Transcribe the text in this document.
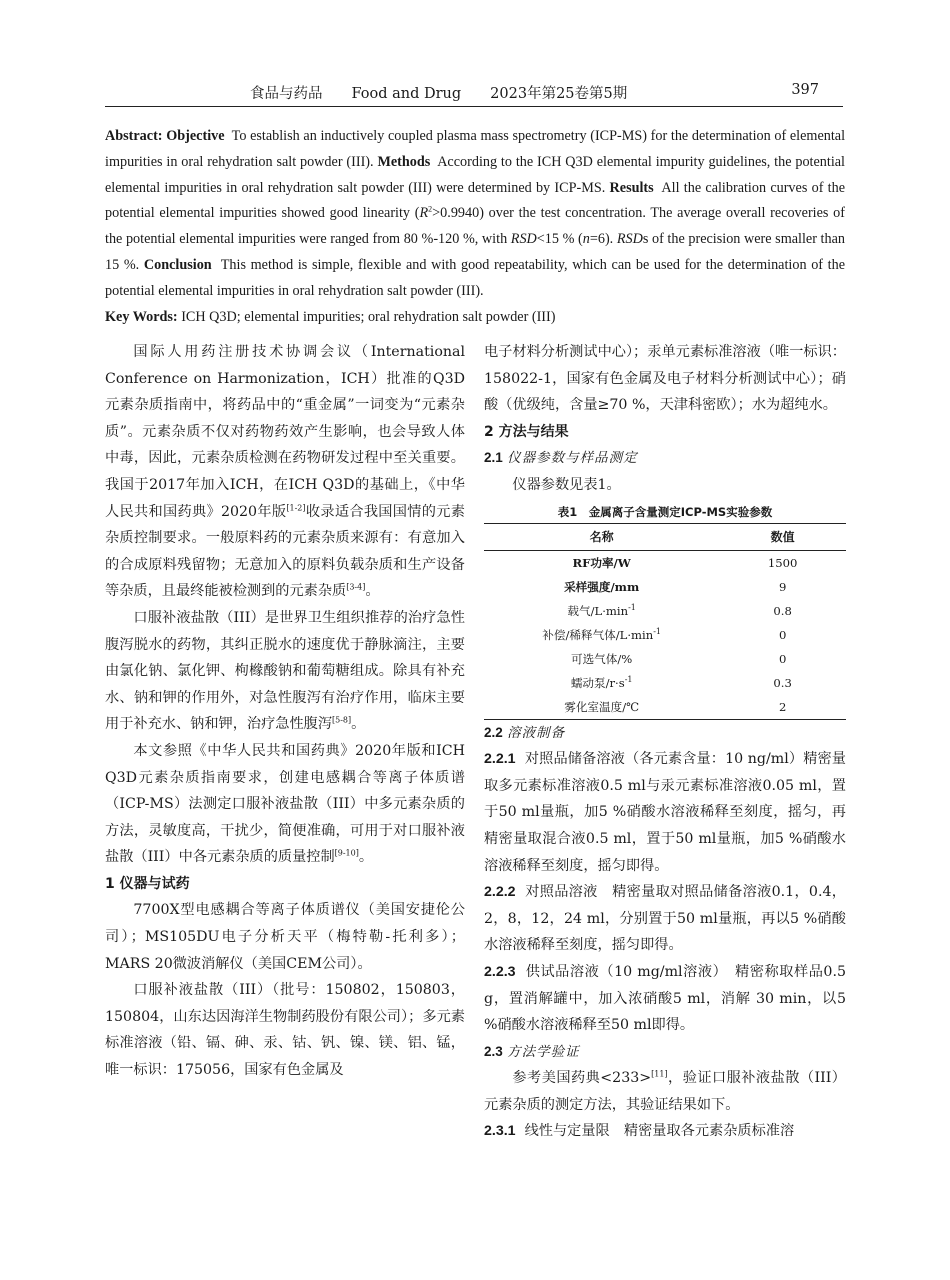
食品与药品　　Food and Drug　　2023年第25卷第5期	397
Abstract: Objective To establish an inductively coupled plasma mass spectrometry (ICP-MS) for the determination of elemental impurities in oral rehydration salt powder (III). Methods According to the ICH Q3D elemental impurity guidelines, the potential elemental impurities in oral rehydration salt powder (III) were determined by ICP-MS. Results All the calibration curves of the potential elemental impurities showed good linearity $(R^2>0.9940)$ over the test concentration. The average overall recoveries of the potential elemental impurities were ranged from 80 %-120 %, with RSD<15 % (n=6). RSDs of the precision were smaller than 15 %. Conclusion This method is simple, flexible and with good repeatability, which can be used for the determination of the potential elemental impurities in oral rehydration salt powder (III).
Key Words: ICH Q3D; elemental impurities; oral rehydration salt powder (III)

国际人用药注册技术协调会议（International Conference on Harmonization，ICH）批准的Q3D元素杂质指南中，将药品中的“重金属”一词变为“元素杂质”。元素杂质不仅对药物药效产生影响，也会导致人体中毒，因此，元素杂质检测在药物研发过程中至关重要。我国于2017年加入ICH，在ICH Q3D的基础上，《中华人民共和国药典》2020年版[1-2]收录适合我国国情的元素杂质控制要求。一般原料药的元素杂质来源有：有意加入的合成原料残留物；无意加入的原料负载杂质和生产设备等杂质，且最终能被检测到的元素杂质[3-4]。

口服补液盐散（III）是世界卫生组织推荐的治疗急性腹泻脱水的药物，其纠正脱水的速度优于静脉滴注，主要由氯化钠、氯化钾、枸橼酸钠和葡萄糖组成。除具有补充水、钠和钾的作用外，对急性腹泻有治疗作用，临床主要用于补充水、钠和钾，治疗急性腹泻[5-8]。

本文参照《中华人民共和国药典》2020年版和ICH Q3D元素杂质指南要求，创建电感耦合等离子体质谱（ICP-MS）法测定口服补液盐散（III）中多元素杂质的方法，灵敏度高，干扰少，简便准确，可用于对口服补液盐散（III）中各元素杂质的质量控制[9-10]。

1 仪器与试药

7700X型电感耦合等离子体质谱仪（美国安捷伦公司）；MS105DU电子分析天平（梅特勒-托利多）；MARS 20微波消解仪（美国CEM公司）。

口服补液盐散（III）（批号：150802，150803，150804，山东达因海洋生物制药股份有限公司）；多元素标准溶液（铅、镉、砷、汞、钴、钒、镍、镁、铝、锰，唯一标识：175056，国家有色金属及

电子材料分析测试中心）；汞单元素标准溶液（唯一标识：158022-1，国家有色金属及电子材料分析测试中心）；硝酸（优级纯，含量≥70 %，天津科密欧）；水为超纯水。

2 方法与结果

2.1 仪器参数与样品测定

仪器参数见表1。

表1　金属离子含量测定ICP-MS实验参数
名称	数值
RF功率/W	1500
采样强度/mm	9
载气$/L\cdot\min^{-1}$	0.8
补偿/稀释气体$/L\cdot\min^{-1}$	0
可选气体/%	0
蠕动泵$/r\cdot s^{-1}$	0.3
雾化室温度/℃	2

2.2 溶液制备

2.2.1 对照品储备溶液（各元素含量：10 ng/ml）精密量取多元素标准溶液0.5 ml与汞元素标准溶液0.05 ml，置于50 ml量瓶，加5 %硝酸水溶液稀释至刻度，摇匀，再精密量取混合液0.5 ml，置于50 ml量瓶，加5 %硝酸水溶液稀释至刻度，摇匀即得。

2.2.2 对照品溶液　精密量取对照品储备溶液0.1，0.4，2，8，12，24 ml，分别置于50 ml量瓶，再以5 %硝酸水溶液稀释至刻度，摇匀即得。

2.2.3 供试品溶液（10 mg/ml溶液）　精密称取样品0.5 g，置消解罐中，加入浓硝酸5 ml，消解 30 min，以5 %硝酸水溶液稀释至50 ml即得。

2.3 方法学验证

参考美国药典<233>[11]，验证口服补液盐散（III）元素杂质的测定方法，其验证结果如下。

2.3.1 线性与定量限　精密量取各元素杂质标准溶
